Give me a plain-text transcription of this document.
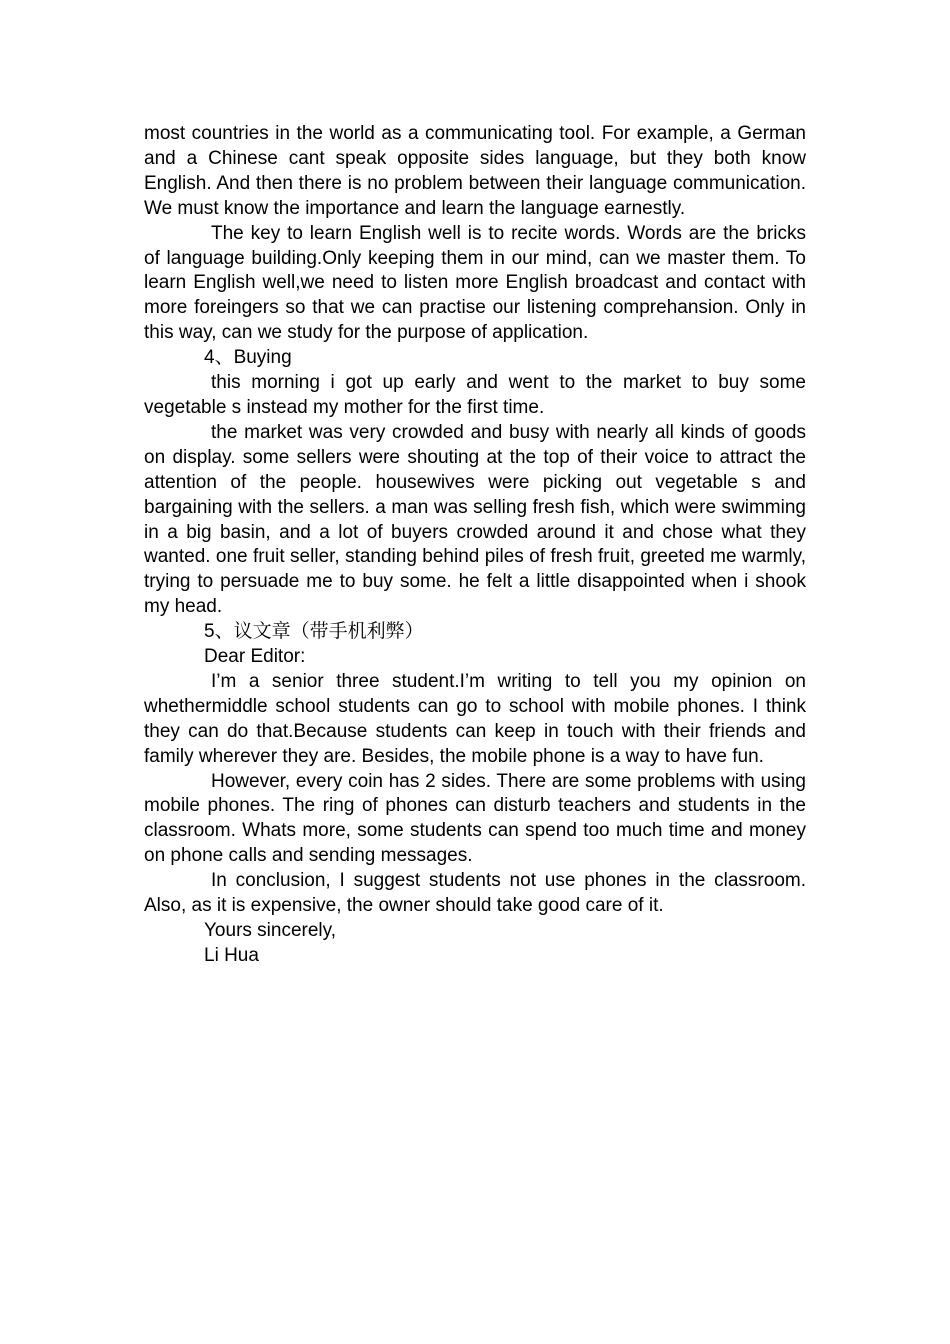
most countries in the world as a communicating tool. For example, a German and a Chinese cant speak opposite sides language, but they both know English. And then there is no problem between their language communication. We must know the importance and learn the language earnestly.

The key to learn English well is to recite words. Words are the bricks of language building.Only keeping them in our mind, can we master them. To learn English well,we need to listen more English broadcast and contact with more foreingers so that we can practise our listening comprehansion. Only in this way, can we study for the purpose of application.

4、Buying

this morning i got up early and went to the market to buy some vegetable s instead my mother for the first time.

the market was very crowded and busy with nearly all kinds of goods on display. some sellers were shouting at the top of their voice to attract the attention of the people. housewives were picking out vegetable s and bargaining with the sellers. a man was selling fresh fish, which were swimming in a big basin, and a lot of buyers crowded around it and chose what they wanted. one fruit seller, standing behind piles of fresh fruit, greeted me warmly, trying to persuade me to buy some. he felt a little disappointed when i shook my head.

5、议文章（带手机利弊）

Dear Editor:

I’m a senior three student.I’m writing to tell you my opinion on whethermiddle school students can go to school with mobile phones. I think they can do that.Because students can keep in touch with their friends and family wherever they are. Besides, the mobile phone is a way to have fun.

However, every coin has 2 sides. There are some problems with using mobile phones. The ring of phones can disturb teachers and students in the classroom. Whats more, some students can spend too much time and money on phone calls and sending messages.

In conclusion, I suggest students not use phones in the classroom. Also, as it is expensive, the owner should take good care of it.

Yours sincerely,

Li Hua
